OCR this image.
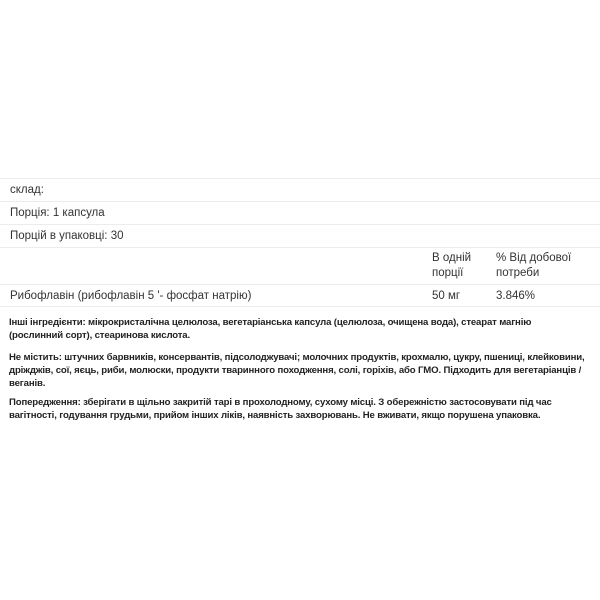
склад:
Порція: 1 капсула
Порцій в упаковці: 30
В одній
порції
% Від добової
потреби
Рибофлавін (рибофлавін 5 '- фосфат натрію)	50 мг	3.846%
Інші інгредієнти: мікрокристалічна целюлоза, вегетаріанська капсула (целюлоза, очищена вода), стеарат магнію
(рослинний сорт), стеаринова кислота.
Не містить: штучних барвників, консервантів, підсолоджувачі; молочних продуктів, крохмалю, цукру, пшениці, клейковини,
дріжджів, сої, яєць, риби, молюски, продукти тваринного походження, солі, горіхів, або ГМО. Підходить для вегетаріанців /
веганів.
Попередження: зберігати в щільно закритій тарі в прохолодному, сухому місці. З обережністю застосовувати під час
вагітності, годування грудьми, прийом інших ліків, наявність захворювань. Не вживати, якщо порушена упаковка.
